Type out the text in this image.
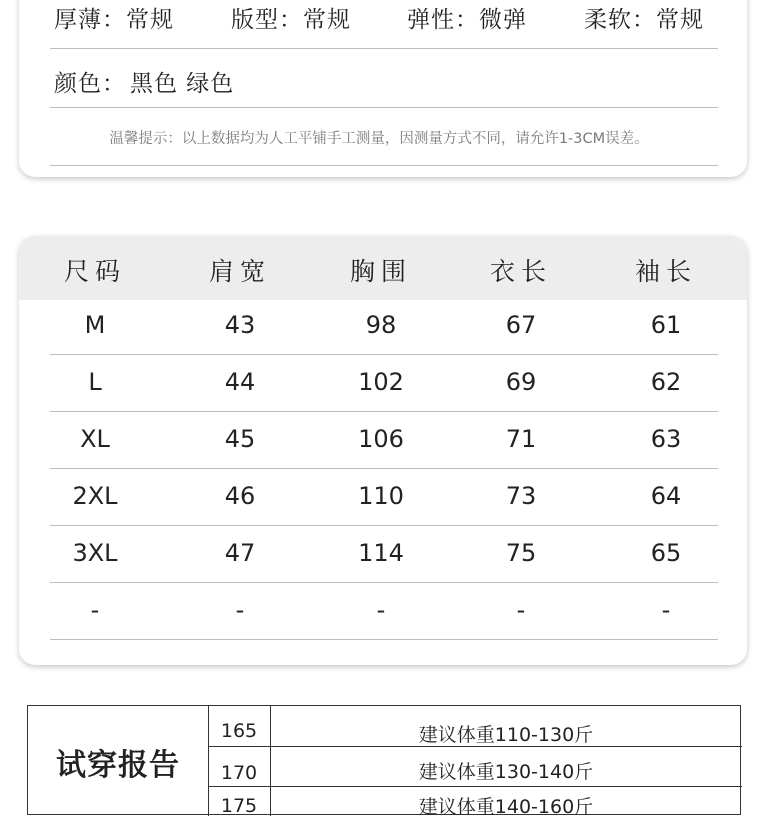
厚薄：常规 版型：常规 弹性：微弹 柔软：常规
颜色： 黑色 绿色
温馨提示：以上数据均为人工平铺手工测量，因测量方式不同，请允许1-3CM误差。
尺码	肩宽	胸围	衣长	袖长
M	43	98	67	61
L	44	102	69	62
XL	45	106	71	63
2XL	46	110	73	64
3XL	47	114	75	65
-	-	-	-	-
试穿报告
165	建议体重110-130斤
170	建议体重130-140斤
175	建议体重140-160斤
